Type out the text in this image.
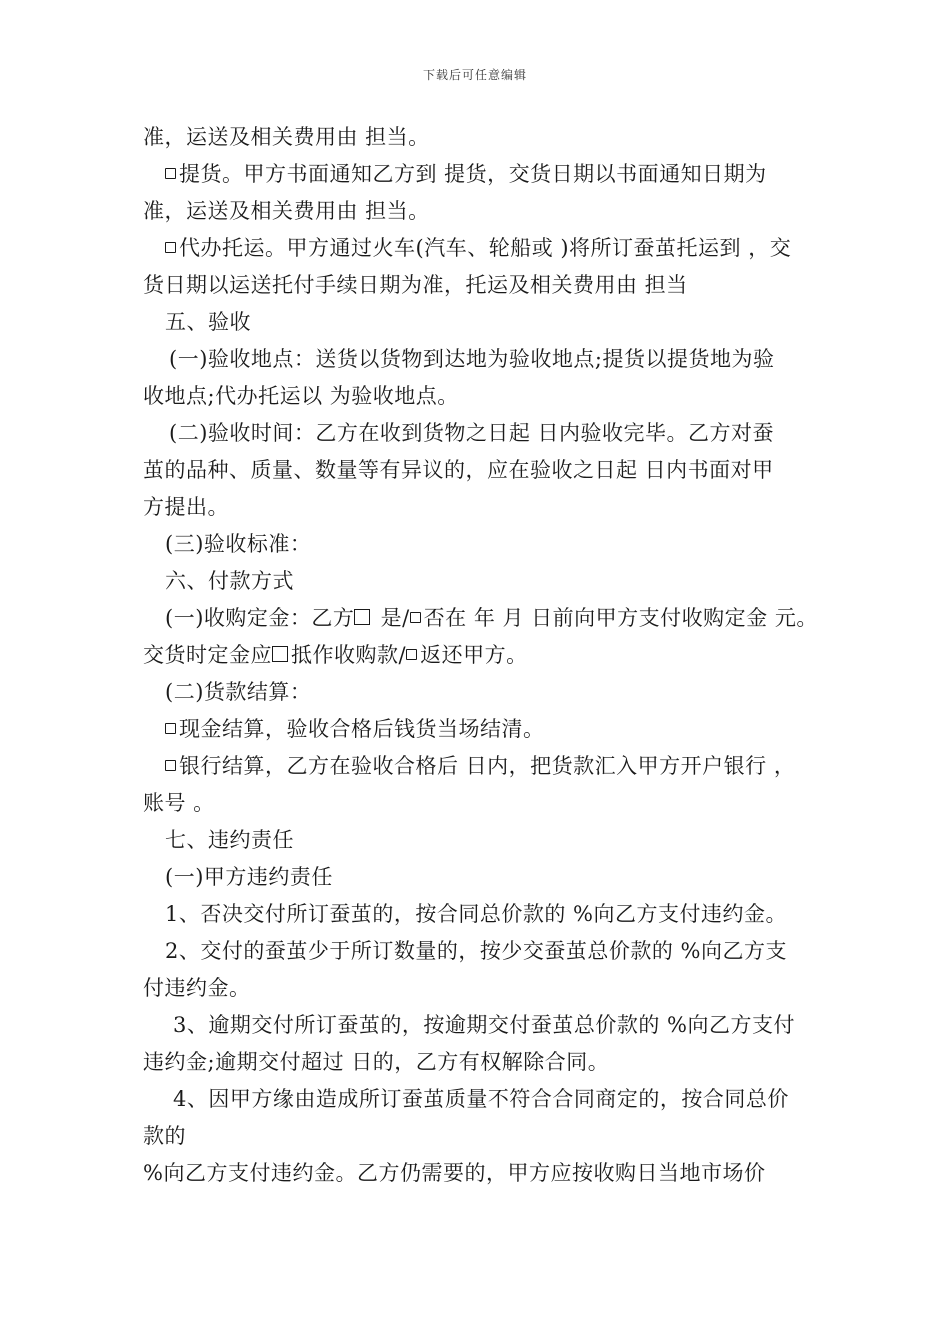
下载后可任意编辑
准，运送及相关费用由 担当。
提货。甲方书面通知乙方到 提货，交货日期以书面通知日期为
准，运送及相关费用由 担当。
代办托运。甲方通过火车(汽车、轮船或 )将所订蚕茧托运到 ，交
货日期以运送托付手续日期为准，托运及相关费用由 担当
五、验收
(一)验收地点：送货以货物到达地为验收地点;提货以提货地为验
收地点;代办托运以 为验收地点。
(二)验收时间：乙方在收到货物之日起 日内验收完毕。乙方对蚕
茧的品种、质量、数量等有异议的，应在验收之日起 日内书面对甲
方提出。
(三)验收标准：
六、付款方式
(一)收购定金：乙方 是/ 否在 年 月 日前向甲方支付收购定金 元。
交货时定金应 抵作收购款/ 返还甲方。
(二)货款结算：
现金结算，验收合格后钱货当场结清。
银行结算，乙方在验收合格后 日内，把货款汇入甲方开户银行 ，
账号 。
七、违约责任
(一)甲方违约责任
1、否决交付所订蚕茧的，按合同总价款的 %向乙方支付违约金。
2、交付的蚕茧少于所订数量的，按少交蚕茧总价款的 %向乙方支
付违约金。
3、逾期交付所订蚕茧的，按逾期交付蚕茧总价款的 %向乙方支付
违约金;逾期交付超过 日的，乙方有权解除合同。
4、因甲方缘由造成所订蚕茧质量不符合合同商定的，按合同总价
款的
%向乙方支付违约金。乙方仍需要的，甲方应按收购日当地市场价
